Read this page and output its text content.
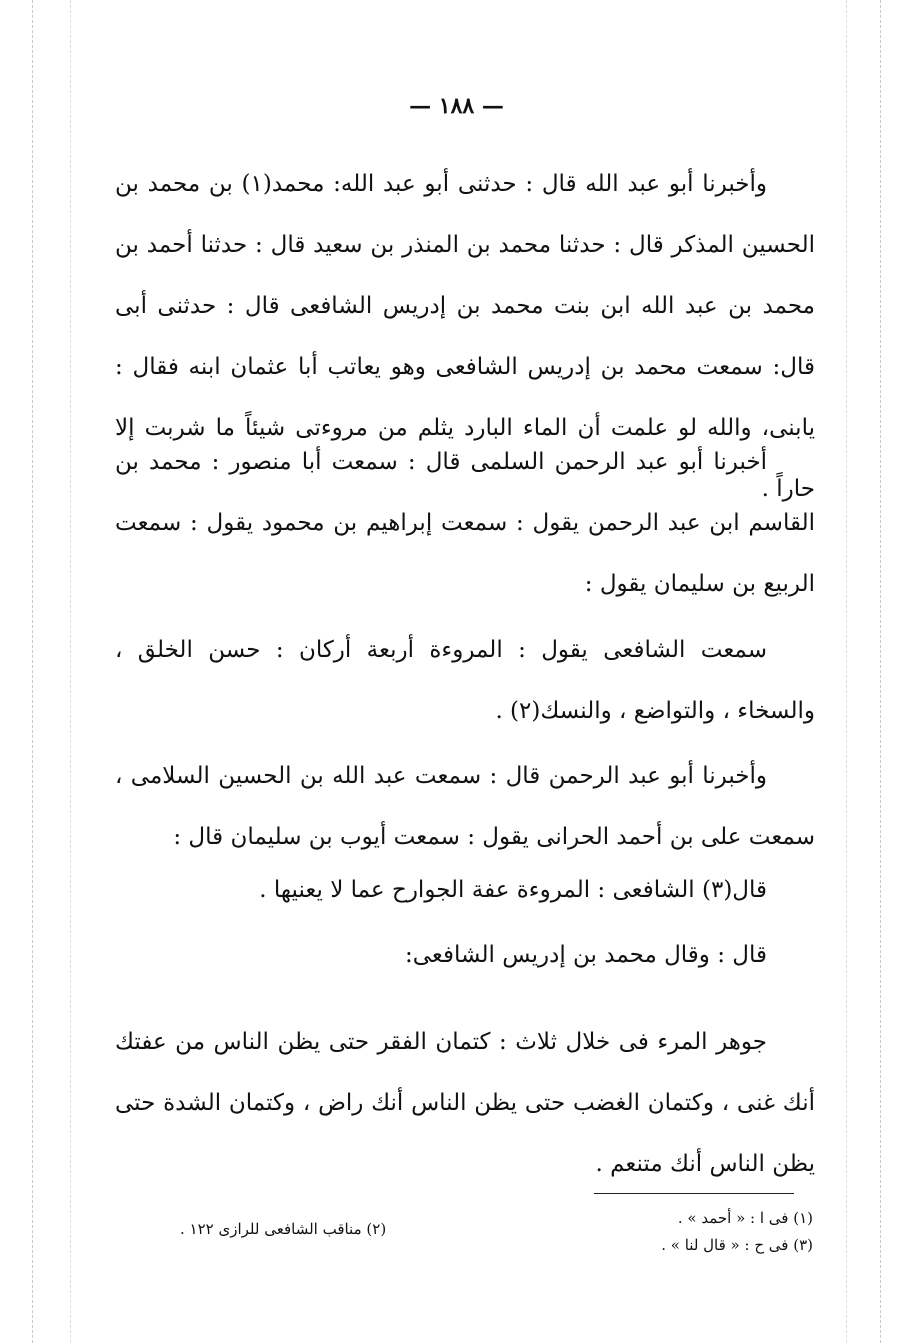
— ١٨٨ —
وأخبرنا أبو عبد الله قال : حدثنى أبو عبد الله: محمد(١) بن محمد بن الحسين المذكر قال : حدثنا محمد بن المنذر بن سعيد قال : حدثنا أحمد بن محمد بن عبد الله ابن بنت محمد بن إدريس الشافعى قال : حدثنى أبى قال: سمعت محمد بن إدريس الشافعى وهو يعاتب أبا عثمان ابنه فقال : يابنى، والله لو علمت أن الماء البارد يثلم من مروءتى شيئاً ما شربت إلا حاراً .
أخبرنا أبو عبد الرحمن السلمى قال : سمعت أبا منصور : محمد بن القاسم ابن عبد الرحمن يقول : سمعت إبراهيم بن محمود يقول : سمعت الربيع بن سليمان يقول :
سمعت الشافعى يقول : المروءة أربعة أركان : حسن الخلق ، والسخاء ، والتواضع ، والنسك(٢) .
وأخبرنا أبو عبد الرحمن قال : سمعت عبد الله بن الحسين السلامى ، سمعت على بن أحمد الحرانى يقول : سمعت أيوب بن سليمان قال :
قال(٣) الشافعى : المروءة عفة الجوارح عما لا يعنيها .
قال : وقال محمد بن إدريس الشافعى:
جوهر المرء فى خلال ثلاث : كتمان الفقر حتى يظن الناس من عفتك أنك غنى ، وكتمان الغضب حتى يظن الناس أنك راض ، وكتمان الشدة حتى يظن الناس أنك متنعم .
(١) فى ا : « أحمد » .
(٣) فى ح : « قال لنا » .
(٢) مناقب الشافعى للرازى ١٢٢ .
